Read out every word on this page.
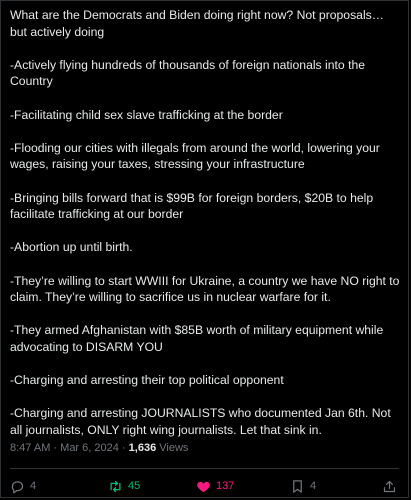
What are the Democrats and Biden doing right now? Not proposals… but actively doing

-Actively flying hundreds of thousands of foreign nationals into the Country

-Facilitating child sex slave trafficking at the border

-Flooding our cities with illegals from around the world, lowering your wages, raising your taxes, stressing your infrastructure

-Bringing bills forward that is $99B for foreign borders, $20B to help facilitate trafficking at our border

-Abortion up until birth.

-They’re willing to start WWIII for Ukraine, a country we have NO right to claim. They’re willing to sacrifice us in nuclear warfare for it.

-They armed Afghanistan with $85B worth of military equipment while advocating to DISARM YOU

-Charging and arresting their top political opponent

-Charging and arresting JOURNALISTS who documented Jan 6th. Not all journalists, ONLY right wing journalists. Let that sink in.

8:47 AM · Mar 6, 2024 · 1,636 Views
4	45	137	4
